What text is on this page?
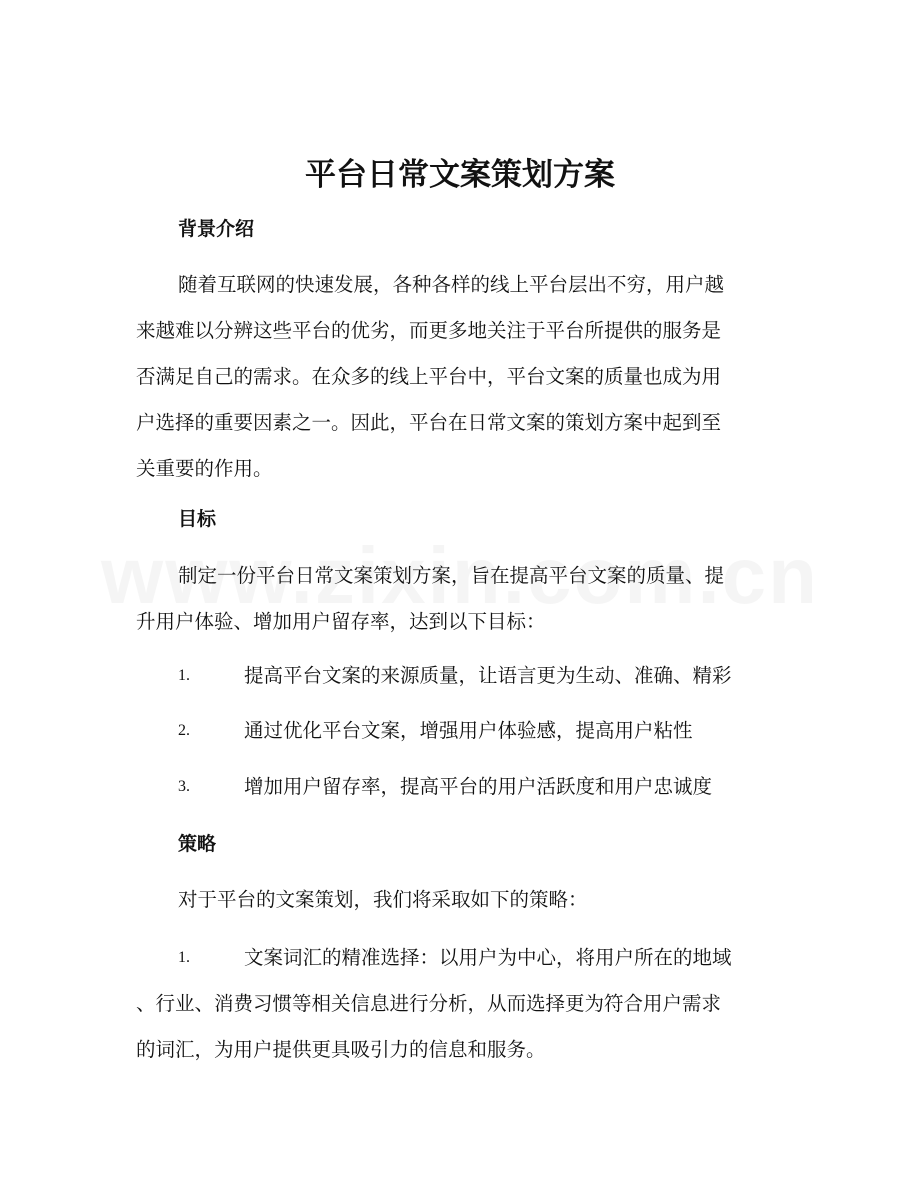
平台日常文案策划方案
背景介绍

随着互联网的快速发展，各种各样的线上平台层出不穷，用户越
来越难以分辨这些平台的优劣，而更多地关注于平台所提供的服务是
否满足自己的需求。在众多的线上平台中，平台文案的质量也成为用
户选择的重要因素之一。因此，平台在日常文案的策划方案中起到至
关重要的作用。

目标

制定一份平台日常文案策划方案，旨在提高平台文案的质量、提
升用户体验、增加用户留存率，达到以下目标：

1.	提高平台文案的来源质量，让语言更为生动、准确、精彩
2.	通过优化平台文案，增强用户体验感，提高用户粘性
3.	增加用户留存率，提高平台的用户活跃度和用户忠诚度
策略

对于平台的文案策划，我们将采取如下的策略：

1.	文案词汇的精准选择：以用户为中心，将用户所在的地域
、行业、消费习惯等相关信息进行分析，从而选择更为符合用户需求
的词汇，为用户提供更具吸引力的信息和服务。
